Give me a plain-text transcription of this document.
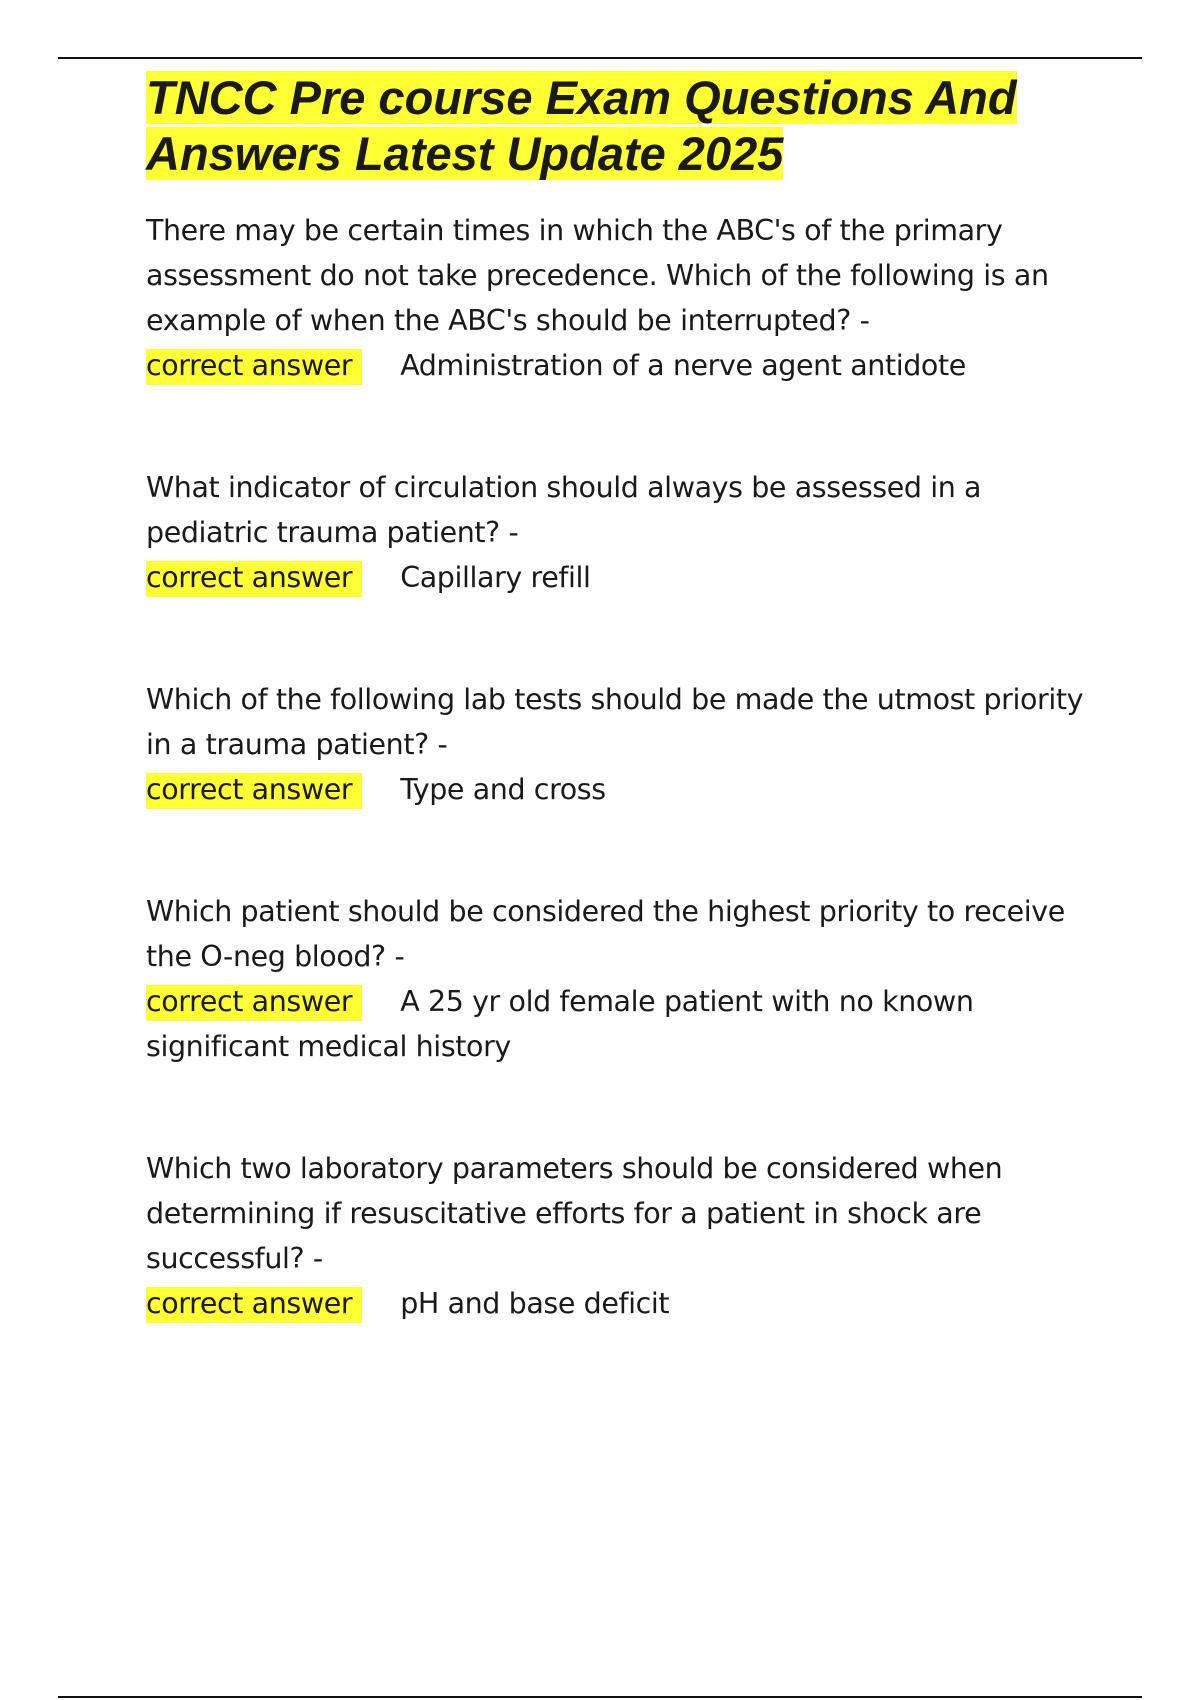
TNCC Pre course Exam Questions And Answers Latest Update 2025

There may be certain times in which the ABC's of the primary assessment do not take precedence. Which of the following is an example of when the ABC's should be interrupted? -

correct answer Administration of a nerve agent antidote

What indicator of circulation should always be assessed in a pediatric trauma patient? -

correct answer Capillary refill

Which of the following lab tests should be made the utmost priority in a trauma patient? -

correct answer Type and cross

Which patient should be considered the highest priority to receive the O-neg blood? -

correct answer A 25 yr old female patient with no known significant medical history

Which two laboratory parameters should be considered when determining if resuscitative efforts for a patient in shock are successful? -

correct answer pH and base deficit
